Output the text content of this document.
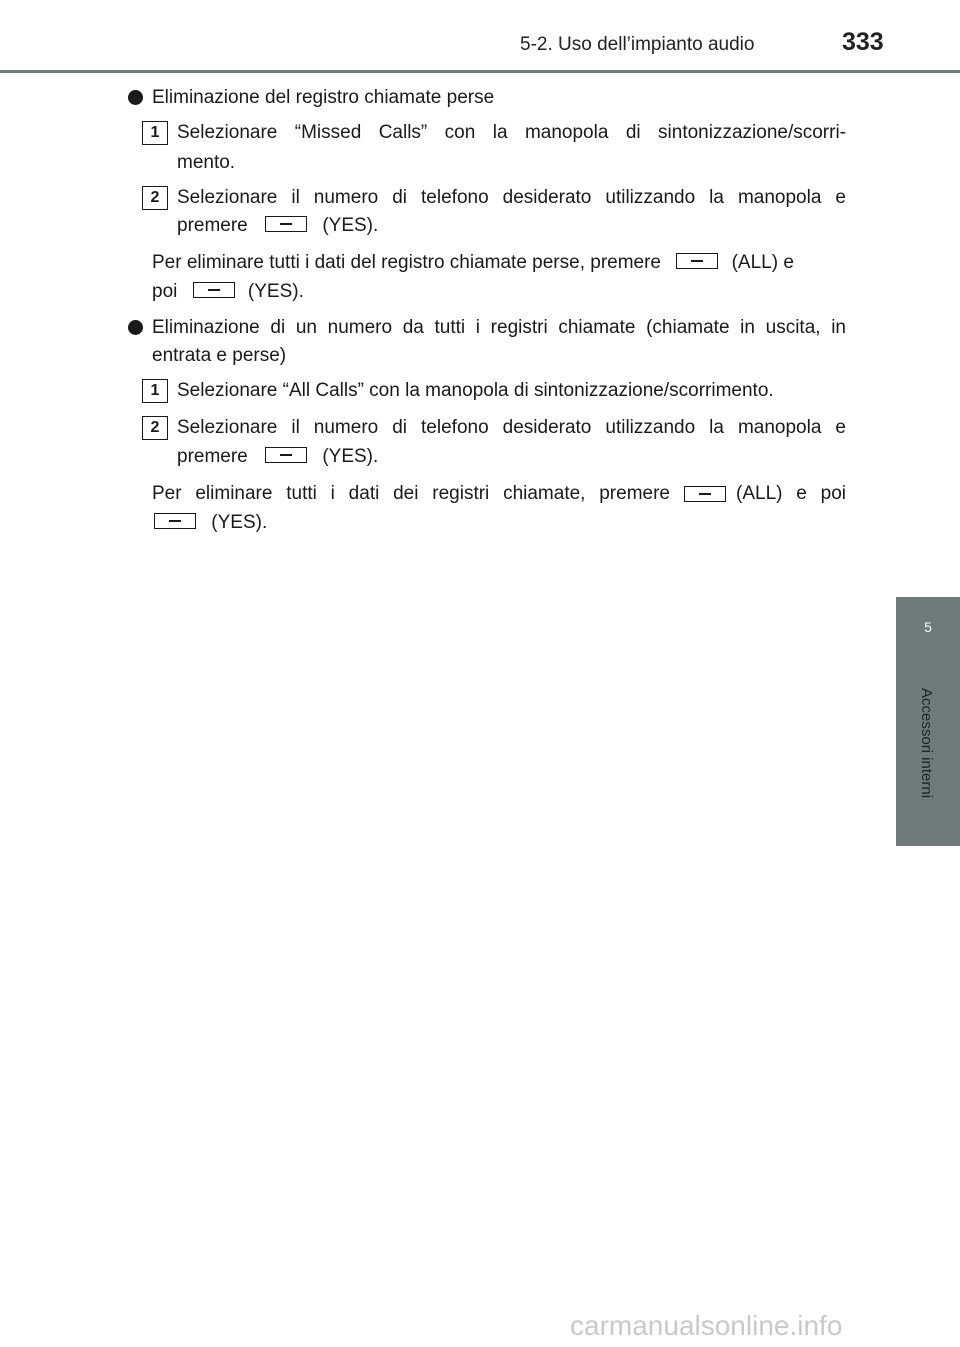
5-2. Uso dell’impianto audio	333
5
Accessori interni
Eliminazione del registro chiamate perse
1 Selezionare “Missed Calls” con la manopola di sintonizzazione/scorri-
mento.
2 Selezionare il numero di telefono desiderato utilizzando la manopola e
premere	(YES).
Per eliminare tutti i dati del registro chiamate perse, premere	(ALL) e
poi	(YES).
Eliminazione di un numero da tutti i registri chiamate (chiamate in uscita, in
entrata e perse)
1 Selezionare “All Calls” con la manopola di sintonizzazione/scorrimento.
2 Selezionare il numero di telefono desiderato utilizzando la manopola e
premere	(YES).
Per eliminare tutti i dati dei registri chiamate, premere	(ALL) e poi
(YES).
carmanualsonline.info
